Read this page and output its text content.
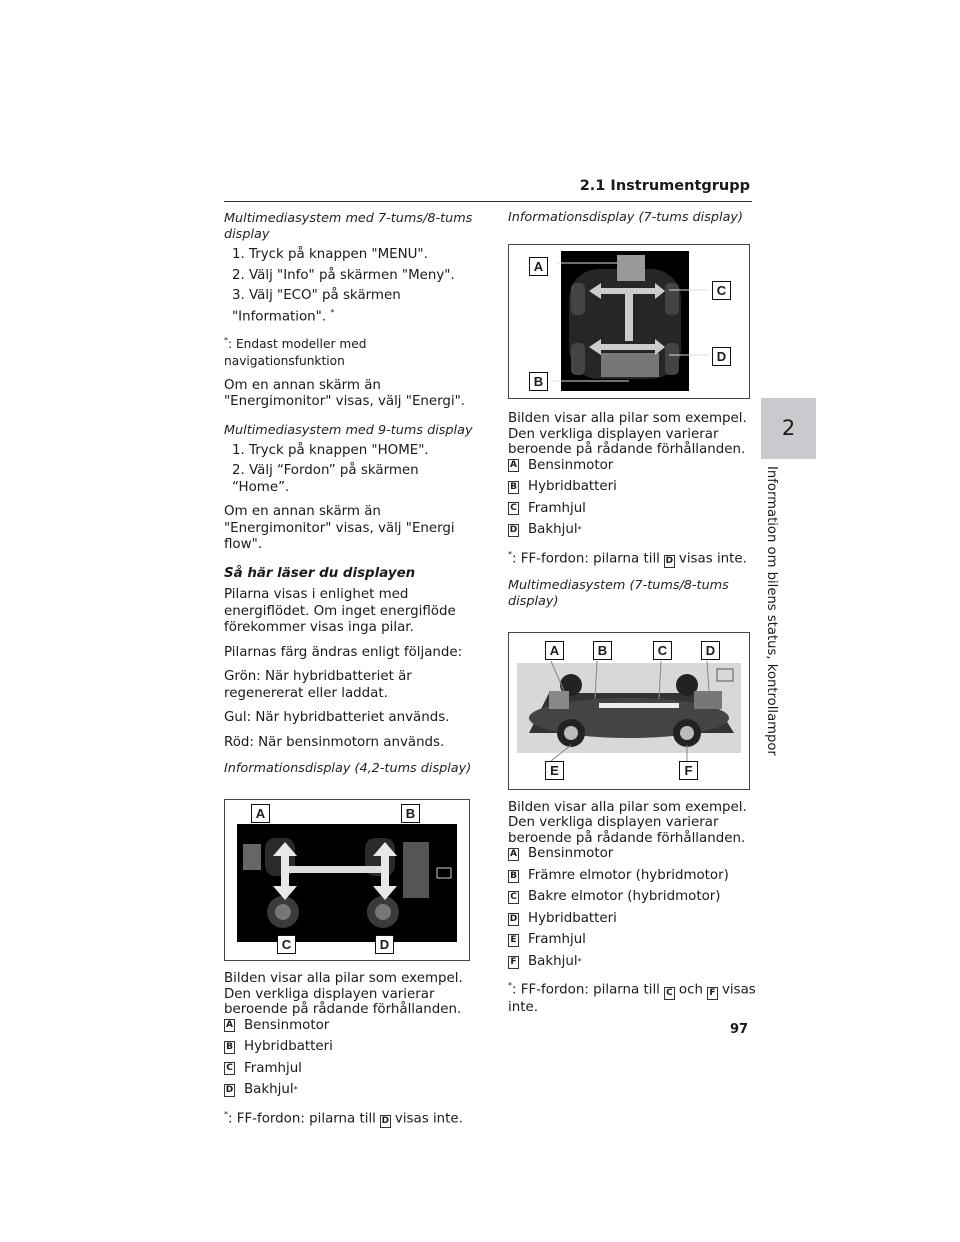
2.1 Instrumentgrupp
2
Information om bilens status, kontrollampor
Multimediasystem med 7-tums/8-tums display
1. Tryck på knappen "MENU".
2. Välj "Info" på skärmen "Meny".
3. Välj "ECO" på skärmen "Information". *
*: Endast modeller med navigationsfunktion
Om en annan skärm än "Energimonitor" visas, välj "Energi".
Multimediasystem med 9-tums display
1. Tryck på knappen "HOME".
2. Välj “Fordon” på skärmen “Home”.
Om en annan skärm än "Energimonitor" visas, välj "Energi flow".
Så här läser du displayen
Pilarna visas i enlighet med energiflödet. Om inget energiflöde förekommer visas inga pilar.
Pilarnas färg ändras enligt följande:
Grön: När hybridbatteriet är regenererat eller laddat.
Gul: När hybridbatteriet används.
Röd: När bensinmotorn används.
Informationsdisplay (4,2-tums display)
A	B
C	D
Bilden visar alla pilar som exempel. Den verkliga displayen varierar beroende på rådande förhållanden.
A Bensinmotor
B Hybridbatteri
C Framhjul
D Bakhjul *
*: FF-fordon: pilarna till D visas inte.
Informationsdisplay (7-tums display)
A
C
D
B
Bilden visar alla pilar som exempel. Den verkliga displayen varierar beroende på rådande förhållanden.
A Bensinmotor
B Hybridbatteri
C Framhjul
D Bakhjul *
*: FF-fordon: pilarna till D visas inte.
Multimediasystem (7-tums/8-tums display)
A	B	C	D
E	F
Bilden visar alla pilar som exempel. Den verkliga displayen varierar beroende på rådande förhållanden.
A Bensinmotor
B Främre elmotor (hybridmotor)
C Bakre elmotor (hybridmotor)
D Hybridbatteri
E Framhjul
F Bakhjul *
*: FF-fordon: pilarna till C och F visas inte.
97
